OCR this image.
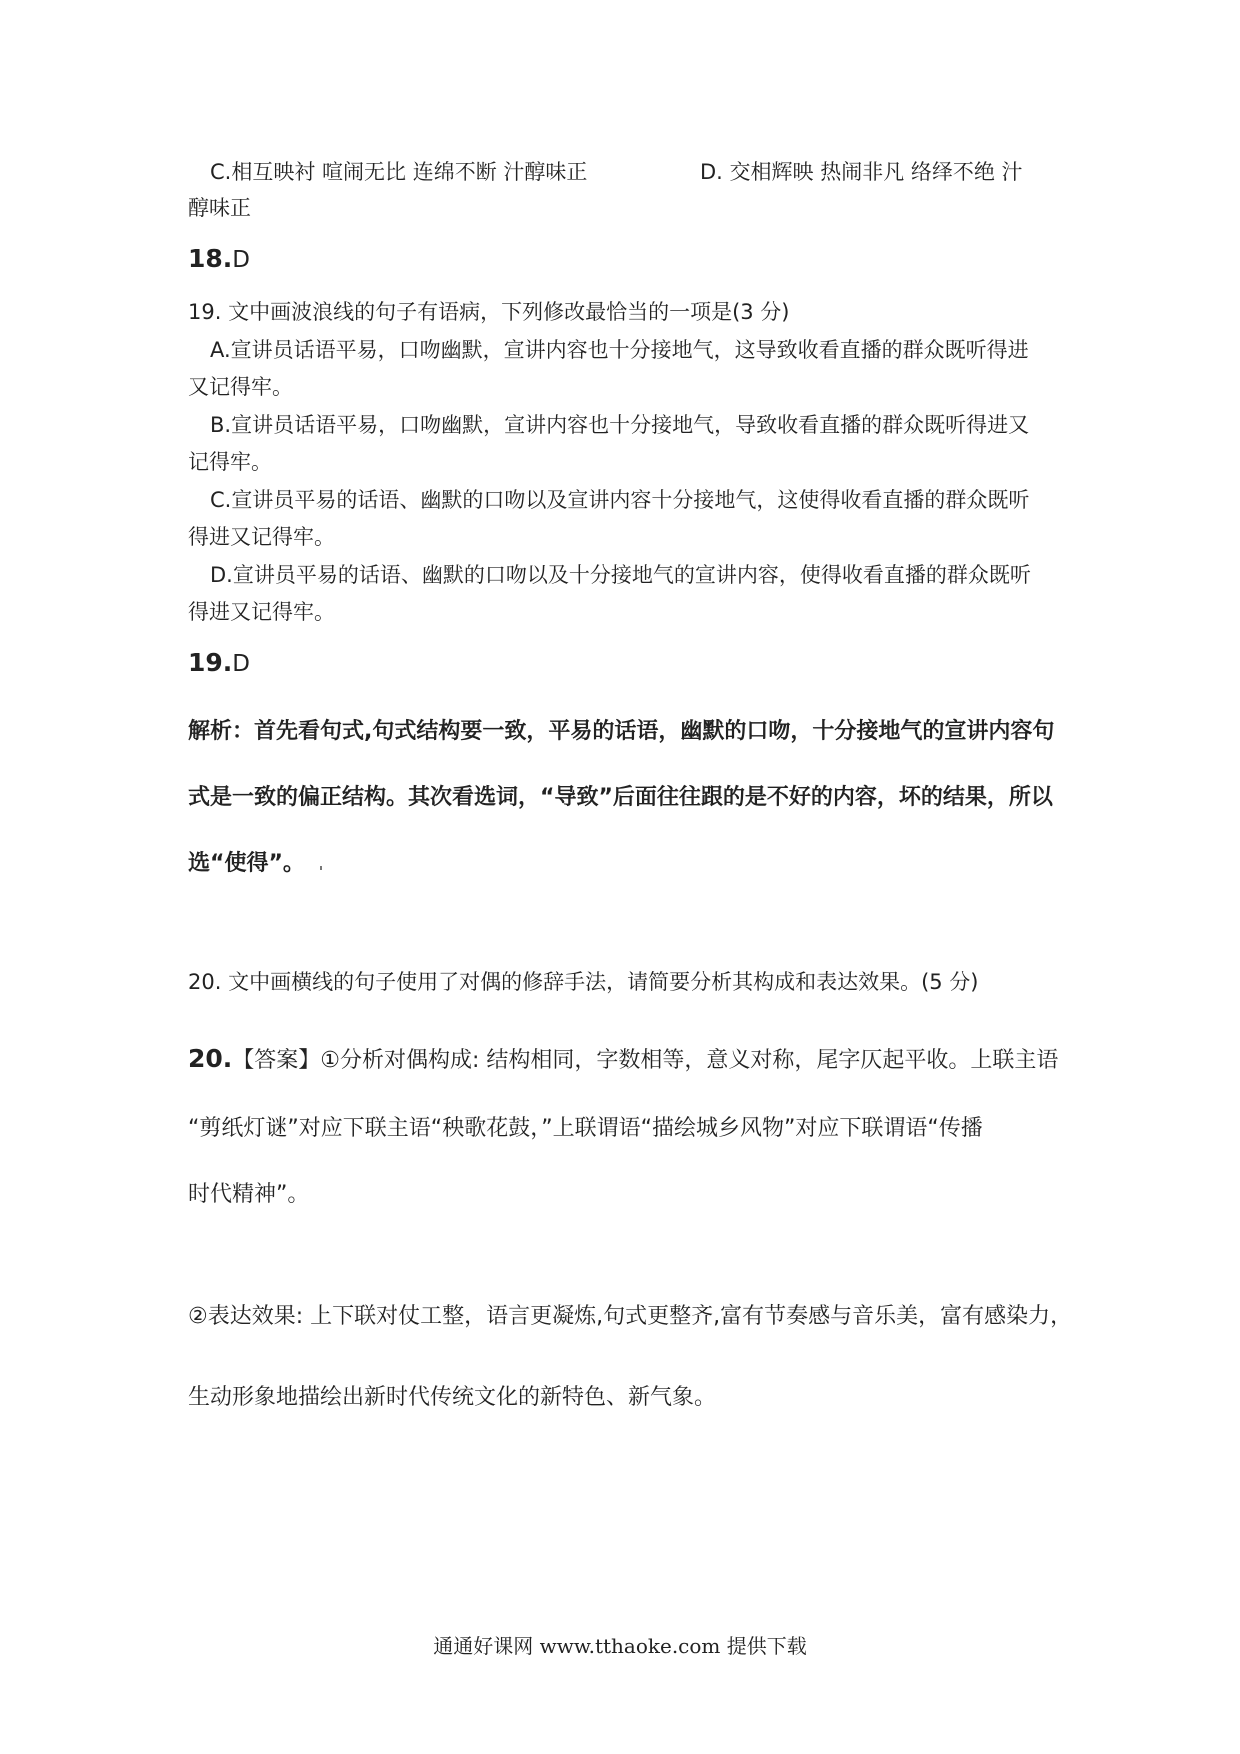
C.相互映衬 喧闹无比 连绵不断 汁醇味正	D. 交相辉映 热闹非凡 络绎不绝 汁
醇味正
18.D
19. 文中画波浪线的句子有语病，下列修改最恰当的一项是(3 分)
A.宣讲员话语平易，口吻幽默，宣讲内容也十分接地气，这导致收看直播的群众既听得进
又记得牢。
B.宣讲员话语平易，口吻幽默，宣讲内容也十分接地气，导致收看直播的群众既听得进又
记得牢。
C.宣讲员平易的话语、幽默的口吻以及宣讲内容十分接地气，这使得收看直播的群众既听
得进又记得牢。
D.宣讲员平易的话语、幽默的口吻以及十分接地气的宣讲内容，使得收看直播的群众既听
得进又记得牢。
19.D
解析：首先看句式,句式结构要一致，平易的话语，幽默的口吻，十分接地气的宣讲内容句
式是一致的偏正结构。其次看选词，“导致”后面往往跟的是不好的内容，坏的结果，所以
选“使得”。
20. 文中画横线的句子使用了对偶的修辞手法，请简要分析其构成和表达效果。(5 分)
20.【答案】①分析对偶构成: 结构相同，字数相等，意义对称，尾字仄起平收。上联主语
“剪纸灯谜”对应下联主语“秧歌花鼓，”上联谓语“描绘城乡风物”对应下联谓语“传播
时代精神”。
②表达效果: 上下联对仗工整，语言更凝炼,句式更整齐,富有节奏感与音乐美，富有感染力，
生动形象地描绘出新时代传统文化的新特色、新气象。
通通好课网 www.tthaoke.com 提供下载
